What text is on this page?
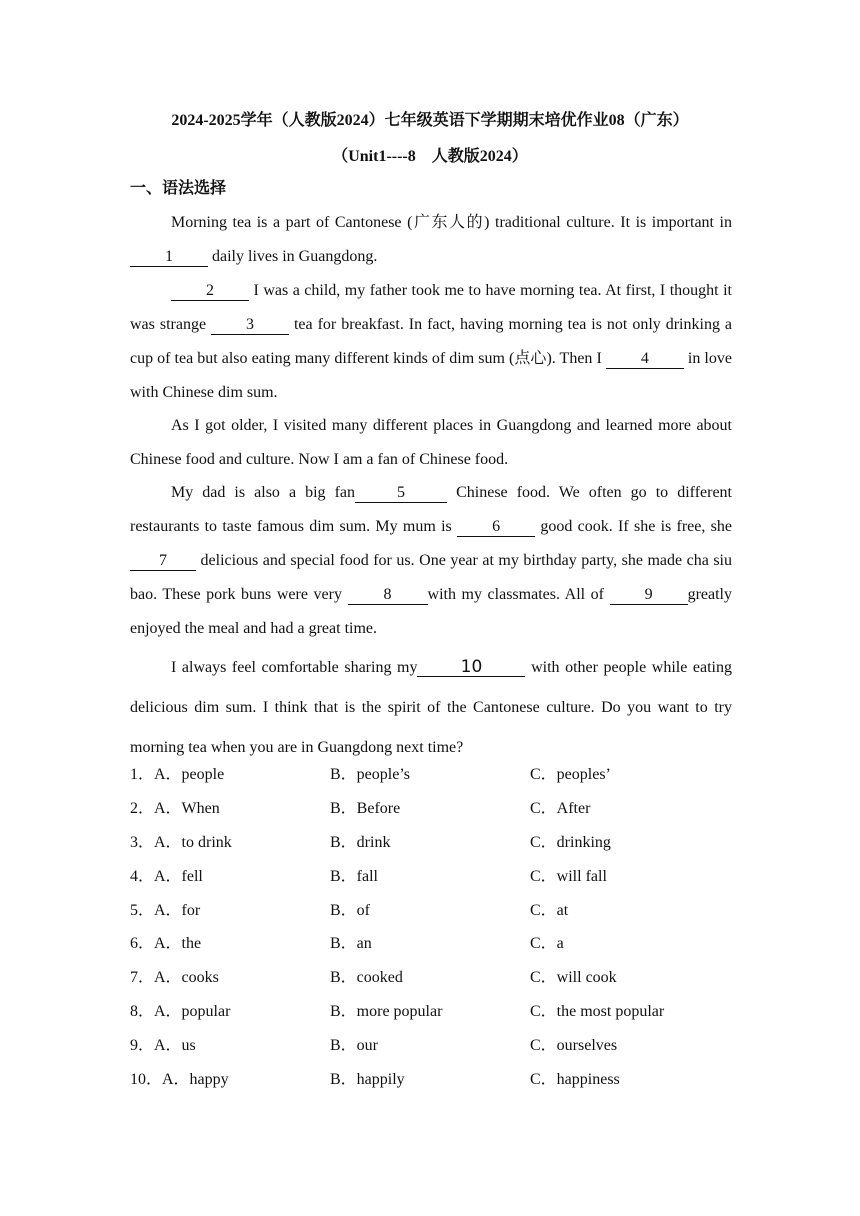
2024-2025学年（人教版2024）七年级英语下学期期末培优作业08（广东）
（Unit1----8　人教版2024）
一、语法选择
Morning tea is a part of Cantonese (广东人的) traditional culture. It is important in 1 daily lives in Guangdong.
2 I was a child, my father took me to have morning tea. At first, I thought it was strange 3 tea for breakfast. In fact, having morning tea is not only drinking a cup of tea but also eating many different kinds of dim sum (点心). Then I 4 in love with Chinese dim sum.
As I got older, I visited many different places in Guangdong and learned more about Chinese food and culture. Now I am a fan of Chinese food.
My dad is also a big fan	5	Chinese food. We often go to different restaurants to taste famous dim sum. My mum is 6 good cook. If she is free, she 7 delicious and special food for us. One year at my birthday party, she made cha siu bao. These pork buns were very 8 with my classmates. All of 9 greatly enjoyed the meal and had a great time.
I always feel comfortable sharing my	10	with other people while eating delicious dim sum. I think that is the spirit of the Cantonese culture. Do you want to try morning tea when you are in Guangdong next time?
1．A．people	B．people’s	C．peoples’
2．A．When	B．Before	C．After
3．A．to drink	B．drink	C．drinking
4．A．fell	B．fall	C．will fall
5．A．for	B．of	C．at
6．A．the	B．an	C．a
7．A．cooks	B．cooked	C．will cook
8．A．popular	B．more popular	C．the most popular
9．A．us	B．our	C．ourselves
10．A．happy	B．happily	C．happiness
